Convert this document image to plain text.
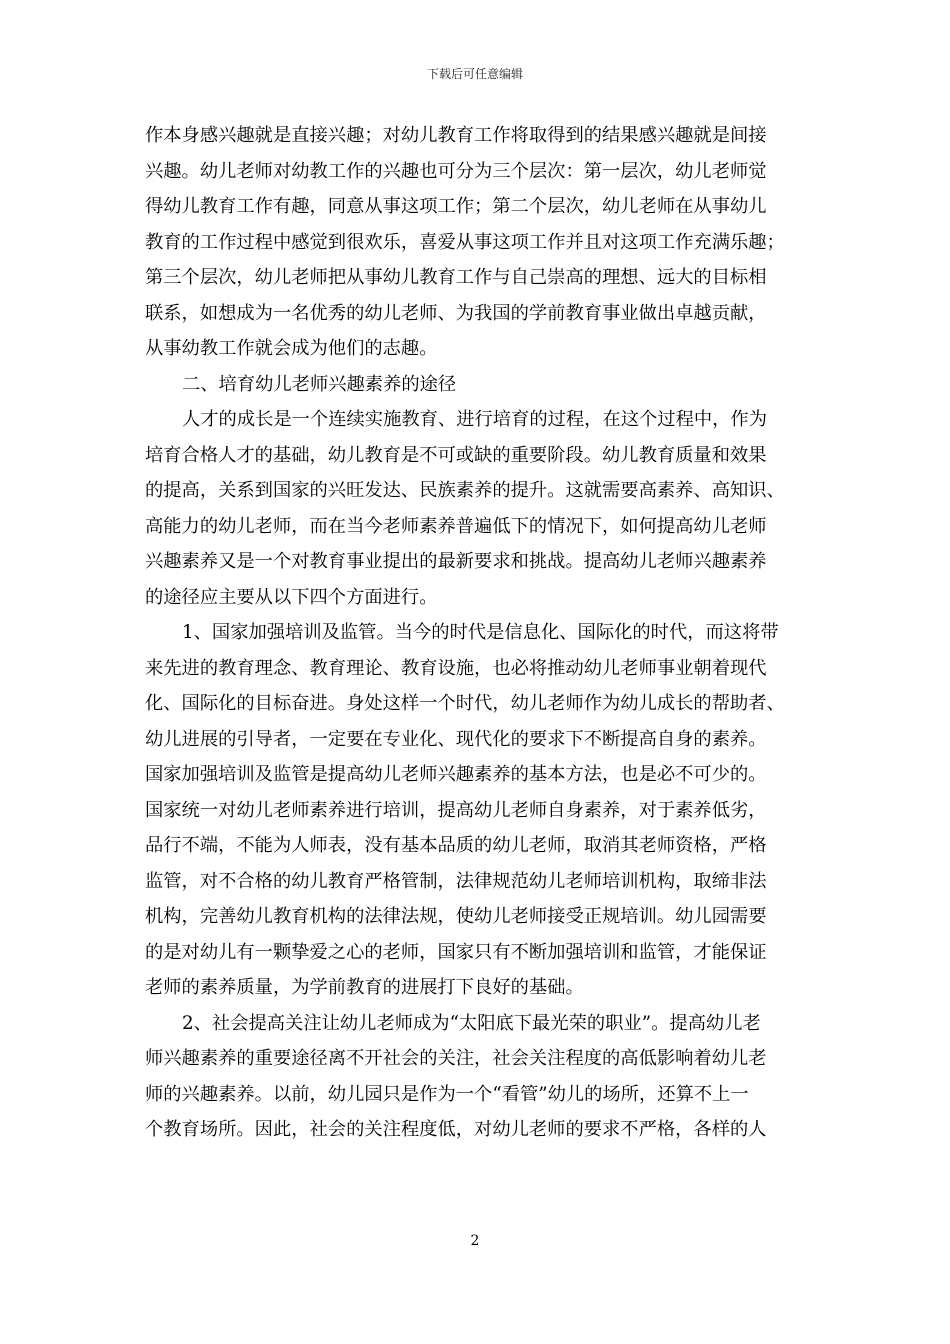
下载后可任意编辑
作本身感兴趣就是直接兴趣；对幼儿教育工作将取得到的结果感兴趣就是间接
兴趣。幼儿老师对幼教工作的兴趣也可分为三个层次：第一层次，幼儿老师觉
得幼儿教育工作有趣，同意从事这项工作；第二个层次，幼儿老师在从事幼儿
教育的工作过程中感觉到很欢乐，喜爱从事这项工作并且对这项工作充满乐趣；
第三个层次，幼儿老师把从事幼儿教育工作与自己崇高的理想、远大的目标相
联系，如想成为一名优秀的幼儿老师、为我国的学前教育事业做出卓越贡献，
从事幼教工作就会成为他们的志趣。
二、培育幼儿老师兴趣素养的途径
人才的成长是一个连续实施教育、进行培育的过程，在这个过程中，作为
培育合格人才的基础，幼儿教育是不可或缺的重要阶段。幼儿教育质量和效果
的提高，关系到国家的兴旺发达、民族素养的提升。这就需要高素养、高知识、
高能力的幼儿老师，而在当今老师素养普遍低下的情况下，如何提高幼儿老师
兴趣素养又是一个对教育事业提出的最新要求和挑战。提高幼儿老师兴趣素养
的途径应主要从以下四个方面进行。
1、国家加强培训及监管。当今的时代是信息化、国际化的时代，而这将带
来先进的教育理念、教育理论、教育设施，也必将推动幼儿老师事业朝着现代
化、国际化的目标奋进。身处这样一个时代，幼儿老师作为幼儿成长的帮助者、
幼儿进展的引导者，一定要在专业化、现代化的要求下不断提高自身的素养。
国家加强培训及监管是提高幼儿老师兴趣素养的基本方法，也是必不可少的。
国家统一对幼儿老师素养进行培训，提高幼儿老师自身素养，对于素养低劣，
品行不端，不能为人师表，没有基本品质的幼儿老师，取消其老师资格，严格
监管，对不合格的幼儿教育严格管制，法律规范幼儿老师培训机构，取缔非法
机构，完善幼儿教育机构的法律法规，使幼儿老师接受正规培训。幼儿园需要
的是对幼儿有一颗挚爱之心的老师，国家只有不断加强培训和监管，才能保证
老师的素养质量，为学前教育的进展打下良好的基础。
2、社会提高关注让幼儿老师成为“太阳底下最光荣的职业”。提高幼儿老
师兴趣素养的重要途径离不开社会的关注，社会关注程度的高低影响着幼儿老
师的兴趣素养。以前，幼儿园只是作为一个“看管”幼儿的场所，还算不上一
个教育场所。因此，社会的关注程度低，对幼儿老师的要求不严格，各样的人
2
